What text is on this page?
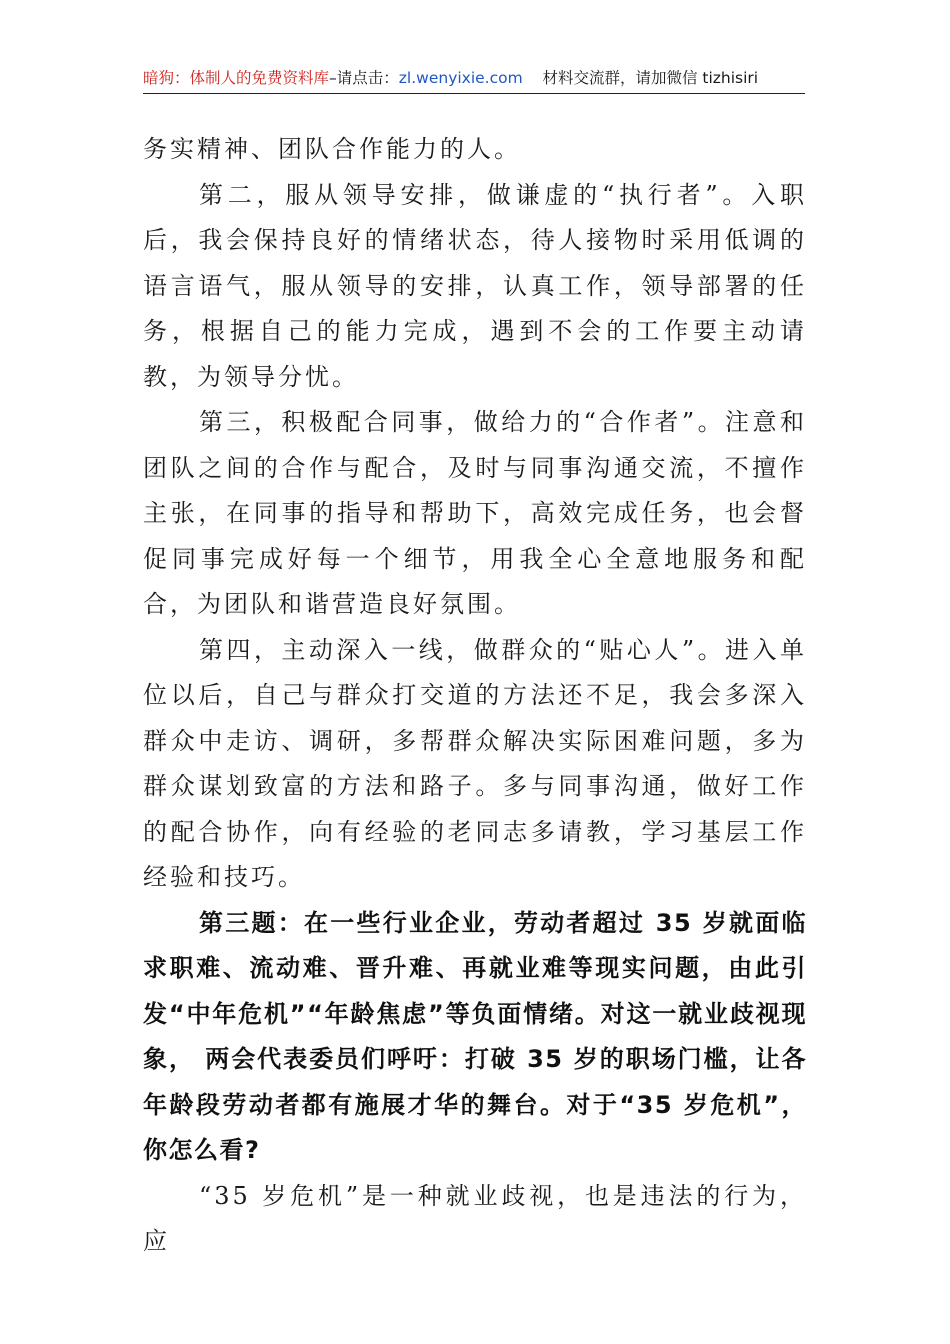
暗狗：体制人的免费资料库–请点击：zl.wenyixie.com 材料交流群，请加微信 tizhisiri

务实精神、团队合作能力的人。

第二，服从领导安排，做谦虚的“执行者”。入职后，我会保持良好的情绪状态，待人接物时采用低调的语言语气，服从领导的安排，认真工作，领导部署的任务，根据自己的能力完成，遇到不会的工作要主动请教，为领导分忧。

第三，积极配合同事，做给力的“合作者”。注意和团队之间的合作与配合，及时与同事沟通交流，不擅作主张，在同事的指导和帮助下，高效完成任务，也会督促同事完成好每一个细节，用我全心全意地服务和配合，为团队和谐营造良好氛围。

第四，主动深入一线，做群众的“贴心人”。进入单位以后，自己与群众打交道的方法还不足，我会多深入群众中走访、调研，多帮群众解决实际困难问题，多为群众谋划致富的方法和路子。多与同事沟通，做好工作的配合协作，向有经验的老同志多请教，学习基层工作经验和技巧。

第三题：在一些行业企业，劳动者超过 35 岁就面临求职难、流动难、晋升难、再就业难等现实问题，由此引发“中年危机”“年龄焦虑”等负面情绪。对这一就业歧视现象， 两会代表委员们呼吁：打破 35 岁的职场门槛，让各年龄段劳动者都有施展才华的舞台。对于“35 岁危机”，你怎么看?

“35 岁危机”是一种就业歧视，也是违法的行为，应
